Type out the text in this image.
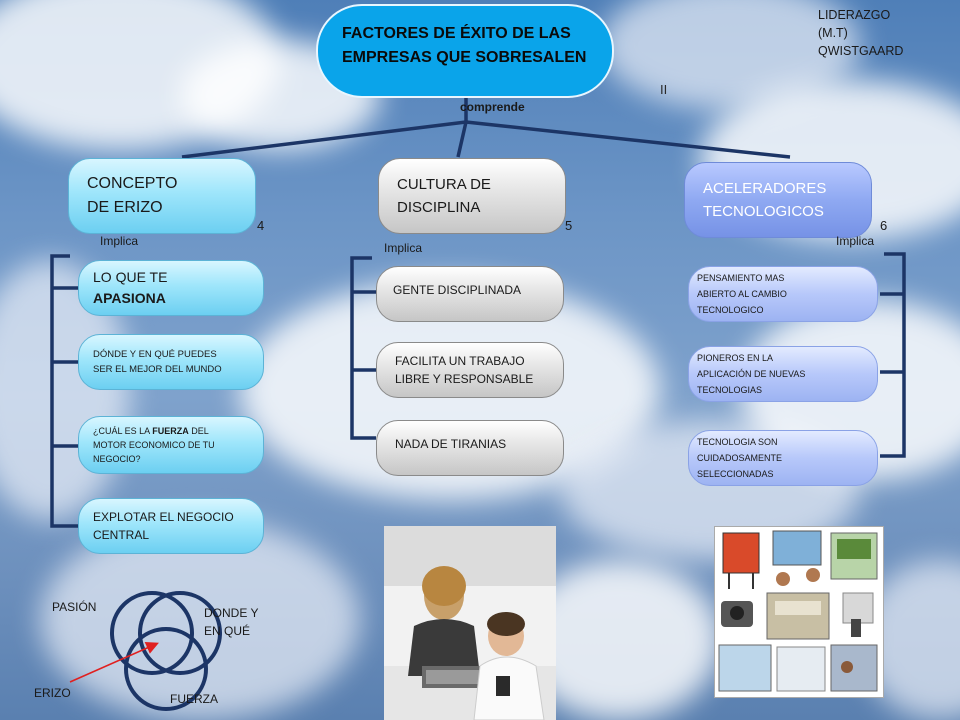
FACTORES DE ÉXITO DE LAS EMPRESAS QUE SOBRESALEN
LIDERAZGO
(M.T)
QWISTGAARD
II
comprende
CONCEPTO
DE ERIZO
CULTURA DE
DISCIPLINA
ACELERADORES
TECNOLOGICOS
4	5	6
Implica	Implica	Implica
LO QUE TE
APASIONA
DÓNDE Y EN QUÉ PUEDES
SER EL MEJOR DEL MUNDO
¿CUÁL ES LA FUERZA DEL
MOTOR ECONOMICO DE TU
NEGOCIO?
EXPLOTAR EL NEGOCIO
CENTRAL
GENTE DISCIPLINADA
FACILITA UN TRABAJO
LIBRE Y RESPONSABLE
NADA DE TIRANIAS
PENSAMIENTO MAS
ABIERTO AL CAMBIO
TECNOLOGICO
PIONEROS EN LA
APLICACIÓN DE NUEVAS
TECNOLOGIAS
TECNOLOGIA SON
CUIDADOSAMENTE
SELECCIONADAS
PASIÓN	DONDE Y
EN QUÉ
FUERZA
ERIZO
